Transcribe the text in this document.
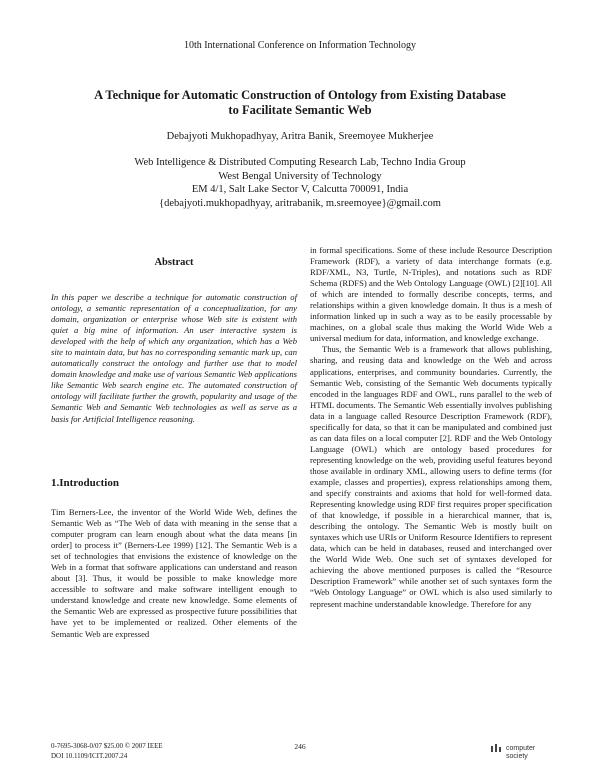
10th International Conference on Information Technology
A Technique for Automatic Construction of Ontology from Existing Database
to Facilitate Semantic Web
Debajyoti Mukhopadhyay, Aritra Banik, Sreemoyee Mukherjee
Web Intelligence & Distributed Computing Research Lab, Techno India Group
West Bengal University of Technology
EM 4/1, Salt Lake Sector V, Calcutta 700091, India
{debajyoti.mukhopadhyay, aritrabanik, m.sreemoyee}@gmail.com
Abstract
In this paper we describe a technique for automatic construction of ontology, a semantic representation of a conceptualization, for any domain, organization or enterprise whose Web site is existent with quiet a big mine of information. An user interactive system is developed with the help of which any organization, which has a Web site to maintain data, but has no corresponding semantic mark up, can automatically construct the ontology and further use that to model domain knowledge and make use of various Semantic Web applications like Semantic Web search engine etc. The automated construction of ontology will facilitate further the growth, popularity and usage of the Semantic Web and Semantic Web technologies as well as serve as a basis for Artificial Intelligence reasoning.
1.Introduction
Tim Berners-Lee, the inventor of the World Wide Web, defines the Semantic Web as “The Web of data with meaning in the sense that a computer program can learn enough about what the data means [in order] to process it” (Berners-Lee 1999) [12]. The Semantic Web is a set of technologies that envisions the existence of knowledge on the Web in a format that software applications can understand and reason about [3]. Thus, it would be possible to make knowledge more accessible to software and make software intelligent enough to understand knowledge and create new knowledge. Some elements of the Semantic Web are expressed as prospective future possibilities that have yet to be implemented or realized. Other elements of the Semantic Web are expressed

in formal specifications. Some of these include Resource Description Framework (RDF), a variety of data interchange formats (e.g. RDF/XML, N3, Turtle, N-Triples), and notations such as RDF Schema (RDFS) and the Web Ontology Language (OWL) [2][10]. All of which are intended to formally describe concepts, terms, and relationships within a given knowledge domain. It thus is a mesh of information linked up in such a way as to be easily processable by machines, on a global scale thus making the World Wide Web a universal medium for data, information, and knowledge exchange.

Thus, the Semantic Web is a framework that allows publishing, sharing, and reusing data and knowledge on the Web and across applications, enterprises, and community boundaries. Currently, the Semantic Web, consisting of the Semantic Web documents typically encoded in the languages RDF and OWL, runs parallel to the web of HTML documents. The Semantic Web essentially involves publishing data in a language called Resource Description Framework (RDF), specifically for data, so that it can be manipulated and combined just as can data files on a local computer [2]. RDF and the Web Ontology Language (OWL) which are ontology based procedures for representing knowledge on the web, providing useful features beyond those available in ordinary XML, allowing users to define terms (for example, classes and properties), express relationships among them, and specify constraints and axioms that hold for well-formed data. Representing knowledge using RDF first requires proper specification of that knowledge, if possible in a hierarchical manner, that is, describing the ontology. The Semantic Web is mostly built on syntaxes which use URIs or Uniform Resource Identifiers to represent data, which can be held in databases, reused and interchanged over the World Wide Web. One such set of syntaxes developed for achieving the above mentioned purposes is called the “Resource Description Framework” while another set of such syntaxes form the “Web Ontology Language” or OWL which is also used similarly to represent machine understandable knowledge. Therefore for any

0-7695-3068-0/07 $25.00 © 2007 IEEE
DOI 10.1109/ICIT.2007.24
246	computer
society
